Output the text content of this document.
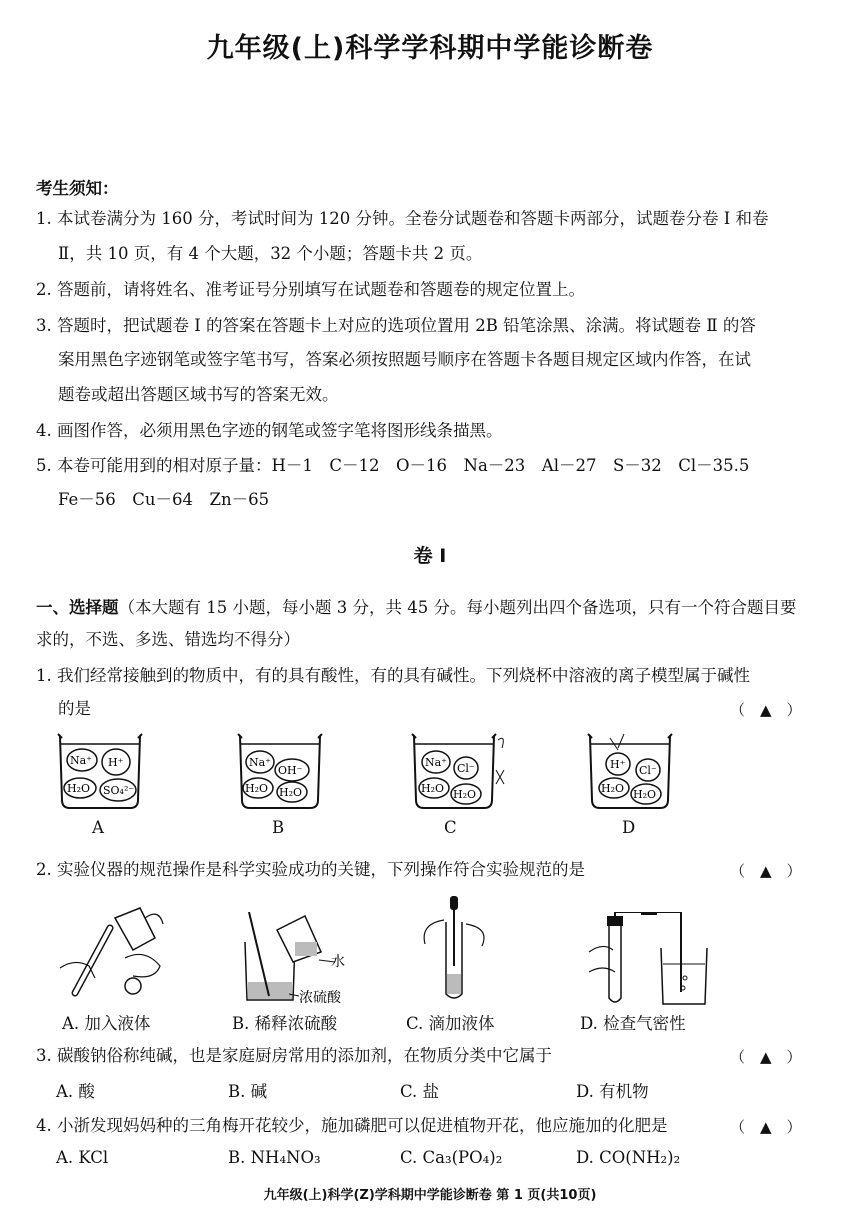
九年级(上)科学学科期中学能诊断卷
考生须知：
1. 本试卷满分为 160 分，考试时间为 120 分钟。全卷分试题卷和答题卡两部分，试题卷分卷 Ⅰ 和卷
Ⅱ，共 10 页，有 4 个大题，32 个小题；答题卡共 2 页。
2. 答题前，请将姓名、准考证号分别填写在试题卷和答题卷的规定位置上。
3. 答题时，把试题卷 Ⅰ 的答案在答题卡上对应的选项位置用 2B 铅笔涂黑、涂满。将试题卷 Ⅱ 的答
案用黑色字迹钢笔或签字笔书写，答案必须按照题号顺序在答题卡各题目规定区域内作答，在试
题卷或超出答题区域书写的答案无效。
4. 画图作答，必须用黑色字迹的钢笔或签字笔将图形线条描黑。
5. 本卷可能用到的相对原子量：H－1　C－12　O－16　Na－23　Al－27　S－32　Cl－35.5
Fe－56　Cu－64　Zn－65
卷 Ⅰ
一、选择题（本大题有 15 小题，每小题 3 分，共 45 分。每小题列出四个备选项，只有一个符合题目要
求的，不选、多选、错选均不得分）
1. 我们经常接触到的物质中，有的具有酸性，有的具有碱性。下列烧杯中溶液的离子模型属于碱性
的是	（　▲　）
Na⁺ H⁺
H₂O SO₄²⁻
Na⁺
OH⁻
H₂O H₂O
Na⁺ Cl⁻
H₂O H₂O
H⁺ Cl⁻
H₂O H₂O
A	B	C	D
2. 实验仪器的规范操作是科学实验成功的关键，下列操作符合实验规范的是	（　▲　）
水
浓硫酸
A. 加入液体	B. 稀释浓硫酸	C. 滴加液体	D. 检查气密性
3. 碳酸钠俗称纯碱，也是家庭厨房常用的添加剂，在物质分类中它属于	（　▲　）
A. 酸	B. 碱	C. 盐	D. 有机物
4. 小浙发现妈妈种的三角梅开花较少，施加磷肥可以促进植物开花，他应施加的化肥是	（　▲　）
A. KCl	B. NH₄NO₃	C. Ca₃(PO₄)₂	D. CO(NH₂)₂
九年级(上)科学(Z)学科期中学能诊断卷 第 1 页(共10页)
